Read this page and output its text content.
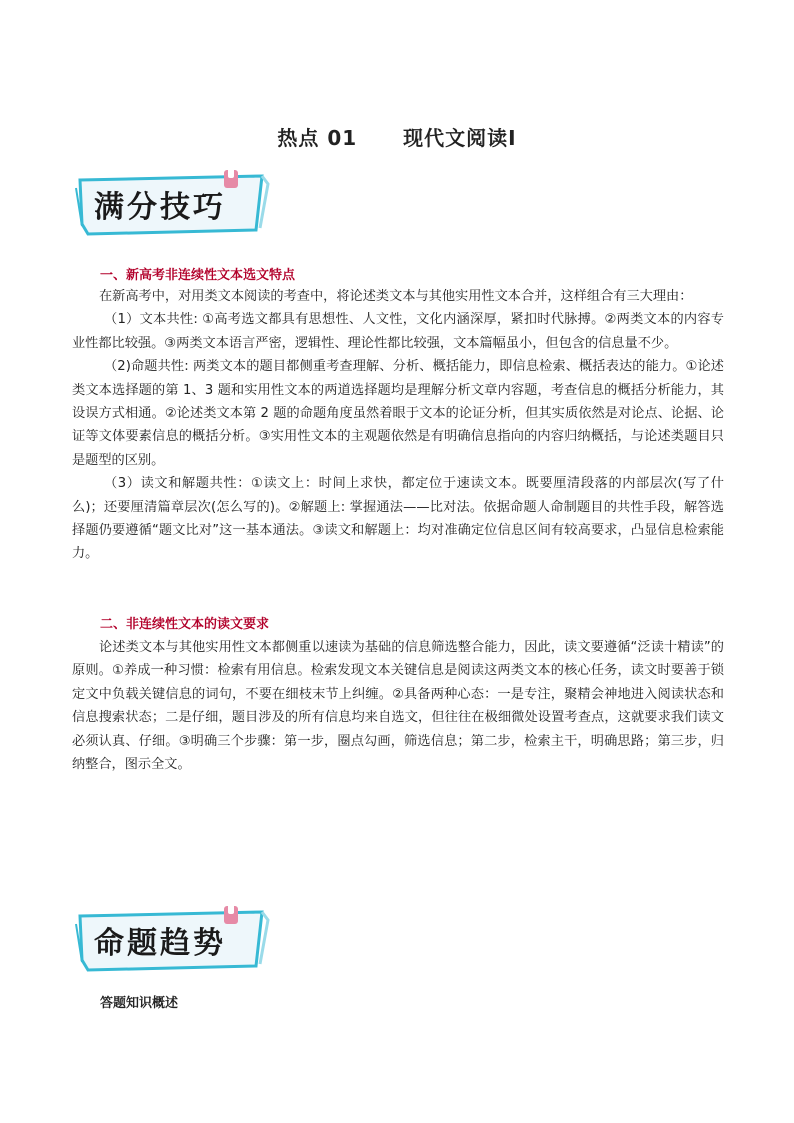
热点 01 现代文阅读Ⅰ
满分技巧
一、新高考非连续性文本选文特点

在新高考中，对用类文本阅读的考查中，将论述类文本与其他实用性文本合并，这样组合有三大理由：

（1）文本共性: ①高考选文都具有思想性、人文性，文化内涵深厚，紧扣时代脉搏。②两类文本的内容专业性都比较强。③两类文本语言严密，逻辑性、理论性都比较强，文本篇幅虽小，但包含的信息量不少。

（2)命题共性: 两类文本的题目都侧重考查理解、分析、概括能力，即信息检索、概括表达的能力。①论述类文本选择题的第 1、3 题和实用性文本的两道选择题均是理解分析文章内容题，考查信息的概括分析能力，其设误方式相通。②论述类文本第 2 题的命题角度虽然着眼于文本的论证分析，但其实质依然是对论点、论据、论证等文体要素信息的概括分析。③实用性文本的主观题依然是有明确信息指向的内容归纳概括，与论述类题目只是题型的区别。

（3）读文和解题共性：①读文上：时间上求快，都定位于速读文本。既要厘清段落的内部层次(写了什么)；还要厘清篇章层次(怎么写的)。②解题上: 掌握通法——比对法。依据命题人命制题目的共性手段，解答选择题仍要遵循“题文比对”这一基本通法。③读文和解题上：均对准确定位信息区间有较高要求，凸显信息检索能力。

二、非连续性文本的读文要求

论述类文本与其他实用性文本都侧重以速读为基础的信息筛选整合能力，因此，读文要遵循“泛读十精读”的原则。①养成一种习惯：检索有用信息。检索发现文本关键信息是阅读这两类文本的核心任务，读文时要善于锁定文中负载关键信息的词句，不要在细枝末节上纠缠。②具备两种心态：一是专注，聚精会神地进入阅读状态和信息搜索状态；二是仔细，题目涉及的所有信息均来自选文，但往往在极细微处设置考查点，这就要求我们读文必须认真、仔细。③明确三个步骤：第一步，圈点勾画，筛选信息；第二步，检索主干，明确思路；第三步，归纳整合，图示全文。

命题趋势
答题知识概述
